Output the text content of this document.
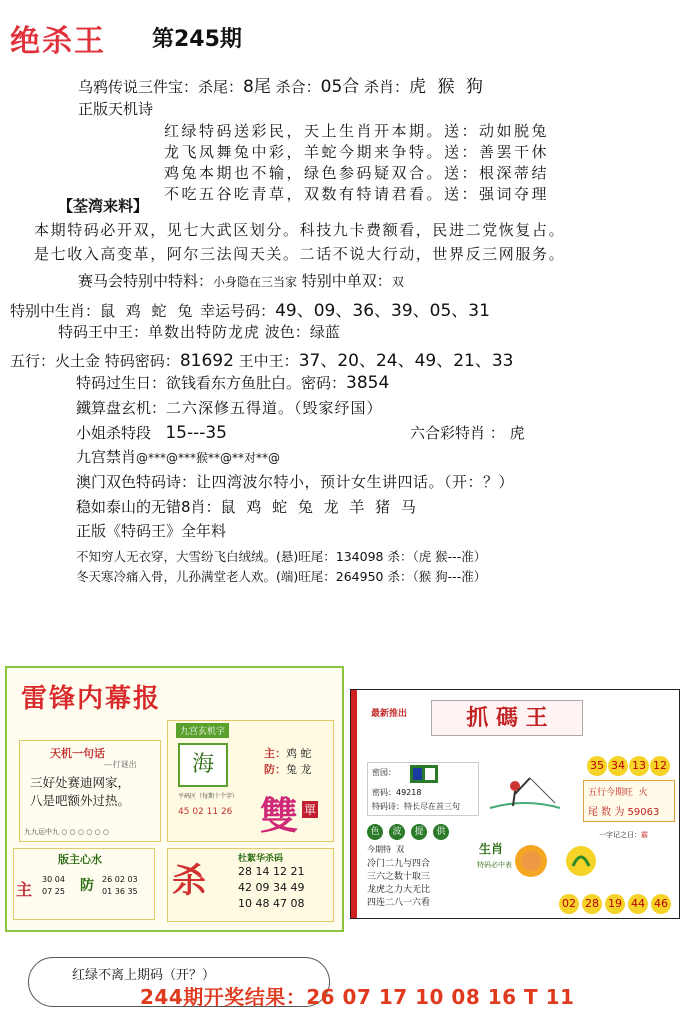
绝杀王 第245期
乌鸦传说三件宝：杀尾：8尾 杀合：05合 杀肖：虎 猴 狗
正版天机诗
红绿特码送彩民，天上生肖开本期。送：动如脱兔
龙飞凤舞兔中彩，羊蛇今期来争特。送：善罢干休
鸡兔本期也不输，绿色参码疑双合。送：根深蒂结
不吃五谷吃青草，双数有特请君看。送：强词夺理
【荃湾来料】
本期特码必开双，见七大武区划分。科技九卡费额看，民进二党恢复占。
是七收入高变革，阿尔三法闯天关。二话不说大行动，世界反三网服务。
赛马会特别中特料：小身隐在三当家 特别中单双：双
特别中生肖：鼠 鸡 蛇 兔 幸运号码：49、09、36、39、05、31
特码王中王：单数出特防龙虎 波色：绿蓝
五行：火土金 特码密码：81692 王中王：37、20、24、49、21、33
特码过生日：欲钱看东方鱼肚白。密码：3854
鐵算盘玄机：二六深修五得道。（毁家纾国）
小姐杀特段 15---35	六合彩特肖 ： 虎
九宫禁肖@***@***猴**@**对**@
澳门双色特码诗：让四湾波尔特小，预计女生讲四话。（开：？）
稳如泰山的无错8肖：鼠 鸡 蛇 兔 龙 羊 猪 马
正版《特码王》全年料
不知穷人无衣穿，大雪纷飞白绒绒。(悬)旺尾：134098 杀：（虎 猴---准）
冬天寒冷痛入骨，儿孙满堂老人欢。(端)旺尾：264950 杀：（猴 狗---准）
雷锋内幕报
天机一句话
---打谜出
三好处赛迪网家，
八是吧额外过热。
九九运中九 ○ ○ ○ ○ ○ ○
九宫玄机字
海	主：鸡 蛇
防：兔 龙
平码区（每期十个字）
45 02 11 26 雙 單
版主心水
主
30 04
07 25 防 26 02 03
01 36 35 杀
杜絮华杀码
28 14 12 21
42 09 34 49
10 48 47 08
最新推出	抓 碼 王
密园：
密码：49218
特码诗：特长尽在首三句
35 34 13 12
五行今期旺 火
尾 数 为 59063
色 波 提 供
今期特 双
冷门二九与四合
三六之数十取三
龙虎之力大无比
四连二八一六看
生肖
特码必中表
一字记之日：霸
02 28 19 44 46
红绿不离上期码（开？）
244期开奖结果：26 07 17 10 08 16 T 11
